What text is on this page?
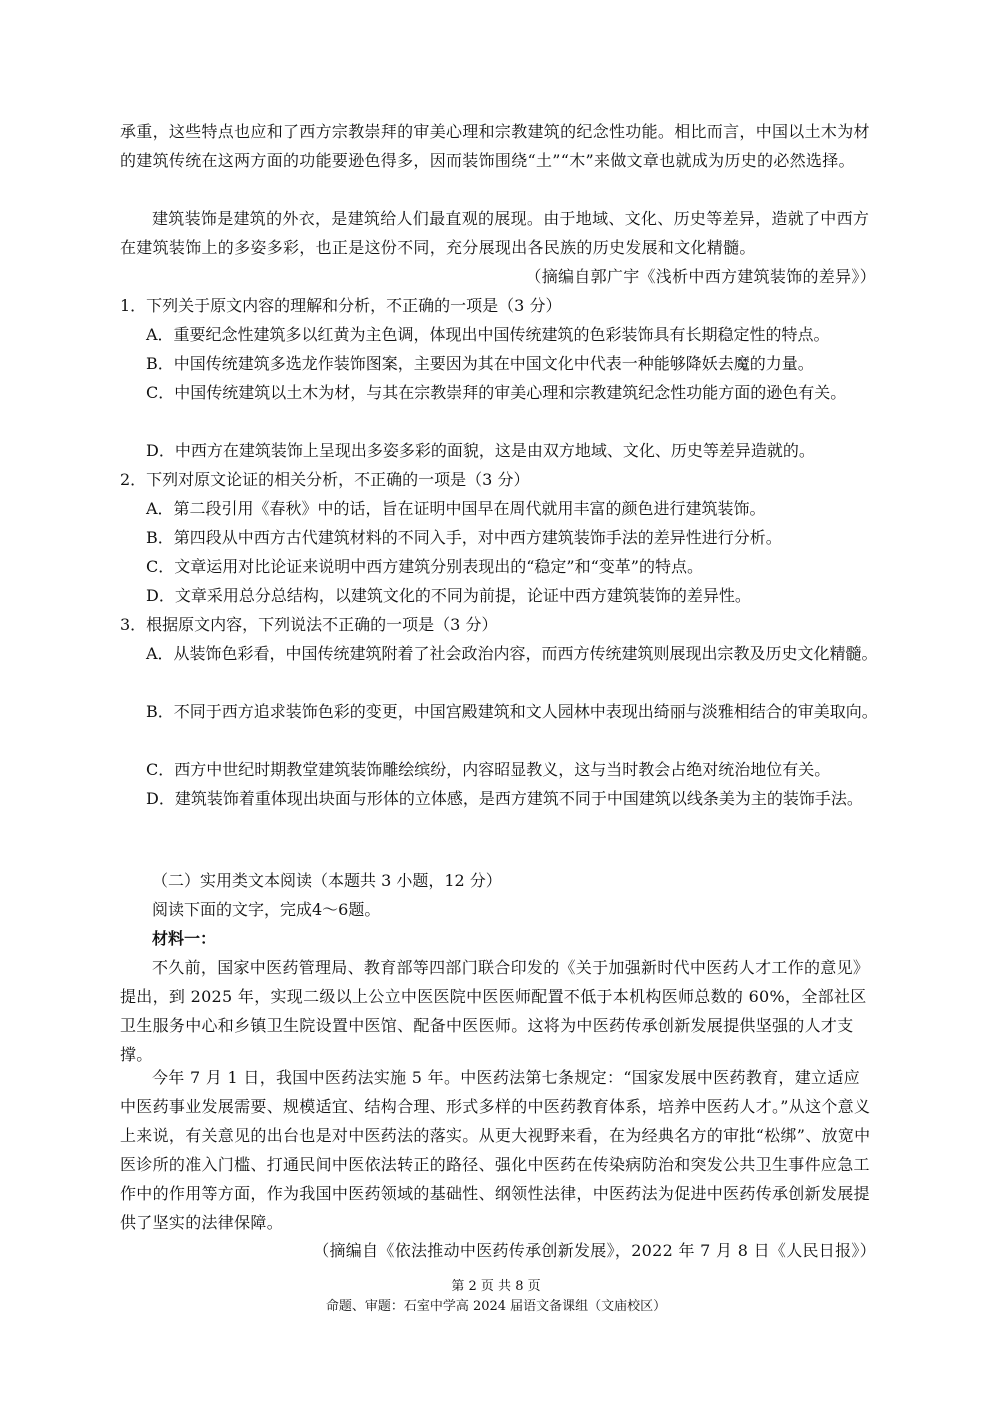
承重，这些特点也应和了西方宗教崇拜的审美心理和宗教建筑的纪念性功能。相比而言，中国以土木为材的建筑传统在这两方面的功能要逊色得多，因而装饰围绕“土”“木”来做文章也就成为历史的必然选择。

建筑装饰是建筑的外衣，是建筑给人们最直观的展现。由于地域、文化、历史等差异，造就了中西方在建筑装饰上的多姿多彩，也正是这份不同，充分展现出各民族的历史发展和文化精髓。

（摘编自郭广宇《浅析中西方建筑装饰的差异》）

1．下列关于原文内容的理解和分析，不正确的一项是（3 分）

A．重要纪念性建筑多以红黄为主色调，体现出中国传统建筑的色彩装饰具有长期稳定性的特点。

B．中国传统建筑多选龙作装饰图案，主要因为其在中国文化中代表一种能够降妖去魔的力量。

C．中国传统建筑以土木为材，与其在宗教崇拜的审美心理和宗教建筑纪念性功能方面的逊色有关。

D．中西方在建筑装饰上呈现出多姿多彩的面貌，这是由双方地域、文化、历史等差异造就的。

2．下列对原文论证的相关分析，不正确的一项是（3 分）

A．第二段引用《春秋》中的话，旨在证明中国早在周代就用丰富的颜色进行建筑装饰。

B．第四段从中西方古代建筑材料的不同入手，对中西方建筑装饰手法的差异性进行分析。

C．文章运用对比论证来说明中西方建筑分别表现出的“稳定”和“变革”的特点。

D．文章采用总分总结构，以建筑文化的不同为前提，论证中西方建筑装饰的差异性。

3．根据原文内容，下列说法不正确的一项是（3 分）

A．从装饰色彩看，中国传统建筑附着了社会政治内容，而西方传统建筑则展现出宗教及历史文化精髓。

B．不同于西方追求装饰色彩的变更，中国宫殿建筑和文人园林中表现出绮丽与淡雅相结合的审美取向。

C．西方中世纪时期教堂建筑装饰雕绘缤纷，内容昭显教义，这与当时教会占绝对统治地位有关。

D．建筑装饰着重体现出块面与形体的立体感，是西方建筑不同于中国建筑以线条美为主的装饰手法。

（二）实用类文本阅读（本题共 3 小题，12 分）

阅读下面的文字，完成4～6题。

材料一：

不久前，国家中医药管理局、教育部等四部门联合印发的《关于加强新时代中医药人才工作的意见》提出，到 2025 年，实现二级以上公立中医医院中医医师配置不低于本机构医师总数的 60%，全部社区卫生服务中心和乡镇卫生院设置中医馆、配备中医医师。这将为中医药传承创新发展提供坚强的人才支撑。

今年 7 月 1 日，我国中医药法实施 5 年。中医药法第七条规定：“国家发展中医药教育，建立适应中医药事业发展需要、规模适宜、结构合理、形式多样的中医药教育体系，培养中医药人才。”从这个意义上来说，有关意见的出台也是对中医药法的落实。从更大视野来看，在为经典名方的审批“松绑”、放宽中医诊所的准入门槛、打通民间中医依法转正的路径、强化中医药在传染病防治和突发公共卫生事件应急工作中的作用等方面，作为我国中医药领域的基础性、纲领性法律，中医药法为促进中医药传承创新发展提供了坚实的法律保障。

（摘编自《依法推动中医药传承创新发展》，2022 年 7 月 8 日《人民日报》）

第 2 页 共 8 页
命题、审题：石室中学高 2024 届语文备课组（文庙校区）
